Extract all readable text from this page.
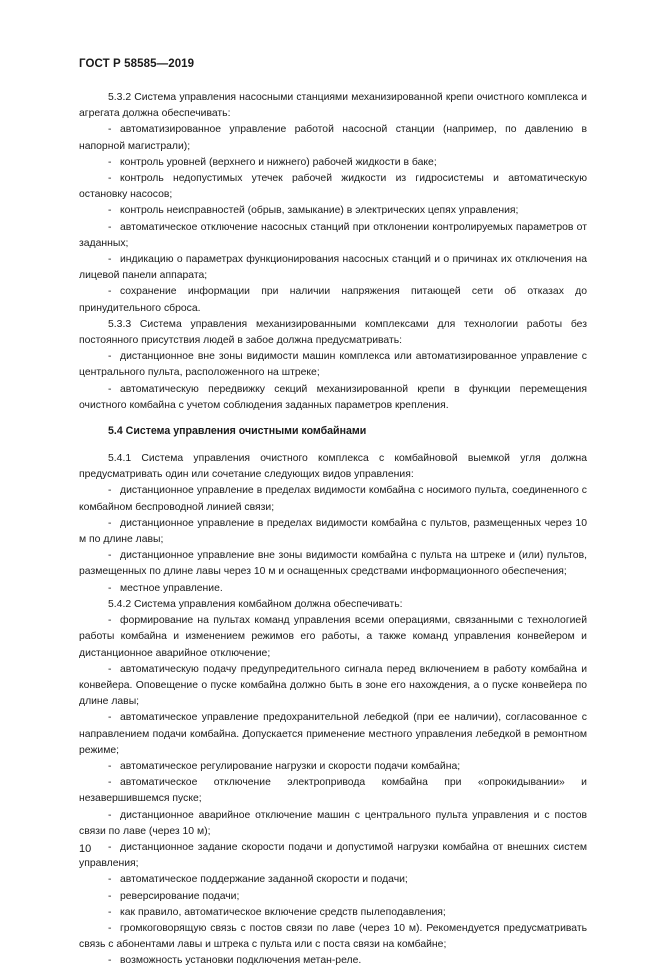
ГОСТ Р 58585—2019

5.3.2 Система управления насосными станциями механизированной крепи очистного комплекса и агрегата должна обеспечивать:

- автоматизированное управление работой насосной станции (например, по давлению в напорной магистрали);

- контроль уровней (верхнего и нижнего) рабочей жидкости в баке;

- контроль недопустимых утечек рабочей жидкости из гидросистемы и автоматическую остановку насосов;

- контроль неисправностей (обрыв, замыкание) в электрических цепях управления;

- автоматическое отключение насосных станций при отклонении контролируемых параметров от заданных;

- индикацию о параметрах функционирования насосных станций и о причинах их отключения на лицевой панели аппарата;

- сохранение информации при наличии напряжения питающей сети об отказах до принудительного сброса.

5.3.3 Система управления механизированными комплексами для технологии работы без постоянного присутствия людей в забое должна предусматривать:

- дистанционное вне зоны видимости машин комплекса или автоматизированное управление с центрального пульта, расположенного на штреке;

- автоматическую передвижку секций механизированной крепи в функции перемещения очистного комбайна с учетом соблюдения заданных параметров крепления.

5.4 Система управления очистными комбайнами

5.4.1 Система управления очистного комплекса с комбайновой выемкой угля должна предусматривать один или сочетание следующих видов управления:

- дистанционное управление в пределах видимости комбайна с носимого пульта, соединенного с комбайном беспроводной линией связи;

- дистанционное управление в пределах видимости комбайна с пультов, размещенных через 10 м по длине лавы;

- дистанционное управление вне зоны видимости комбайна с пульта на штреке и (или) пультов, размещенных по длине лавы через 10 м и оснащенных средствами информационного обеспечения;

- местное управление.

5.4.2 Система управления комбайном должна обеспечивать:

- формирование на пультах команд управления всеми операциями, связанными с технологией работы комбайна и изменением режимов его работы, а также команд управления конвейером и дистанционное аварийное отключение;

- автоматическую подачу предупредительного сигнала перед включением в работу комбайна и конвейера. Оповещение о пуске комбайна должно быть в зоне его нахождения, а о пуске конвейера по длине лавы;

- автоматическое управление предохранительной лебедкой (при ее наличии), согласованное с направлением подачи комбайна. Допускается применение местного управления лебедкой в ремонтном режиме;

- автоматическое регулирование нагрузки и скорости подачи комбайна;

- автоматическое отключение электропривода комбайна при «опрокидывании» и незавершившемся пуске;

- дистанционное аварийное отключение машин с центрального пульта управления и с постов связи по лаве (через 10 м);

- дистанционное задание скорости подачи и допустимой нагрузки комбайна от внешних систем управления;

- автоматическое поддержание заданной скорости и подачи;

- реверсирование подачи;

- как правило, автоматическое включение средств пылеподавления;

- громкоговорящую связь с постов связи по лаве (через 10 м). Рекомендуется предусматривать связь с абонентами лавы и штрека с пульта или с поста связи на комбайне;

- возможность установки подключения метан-реле.

10
